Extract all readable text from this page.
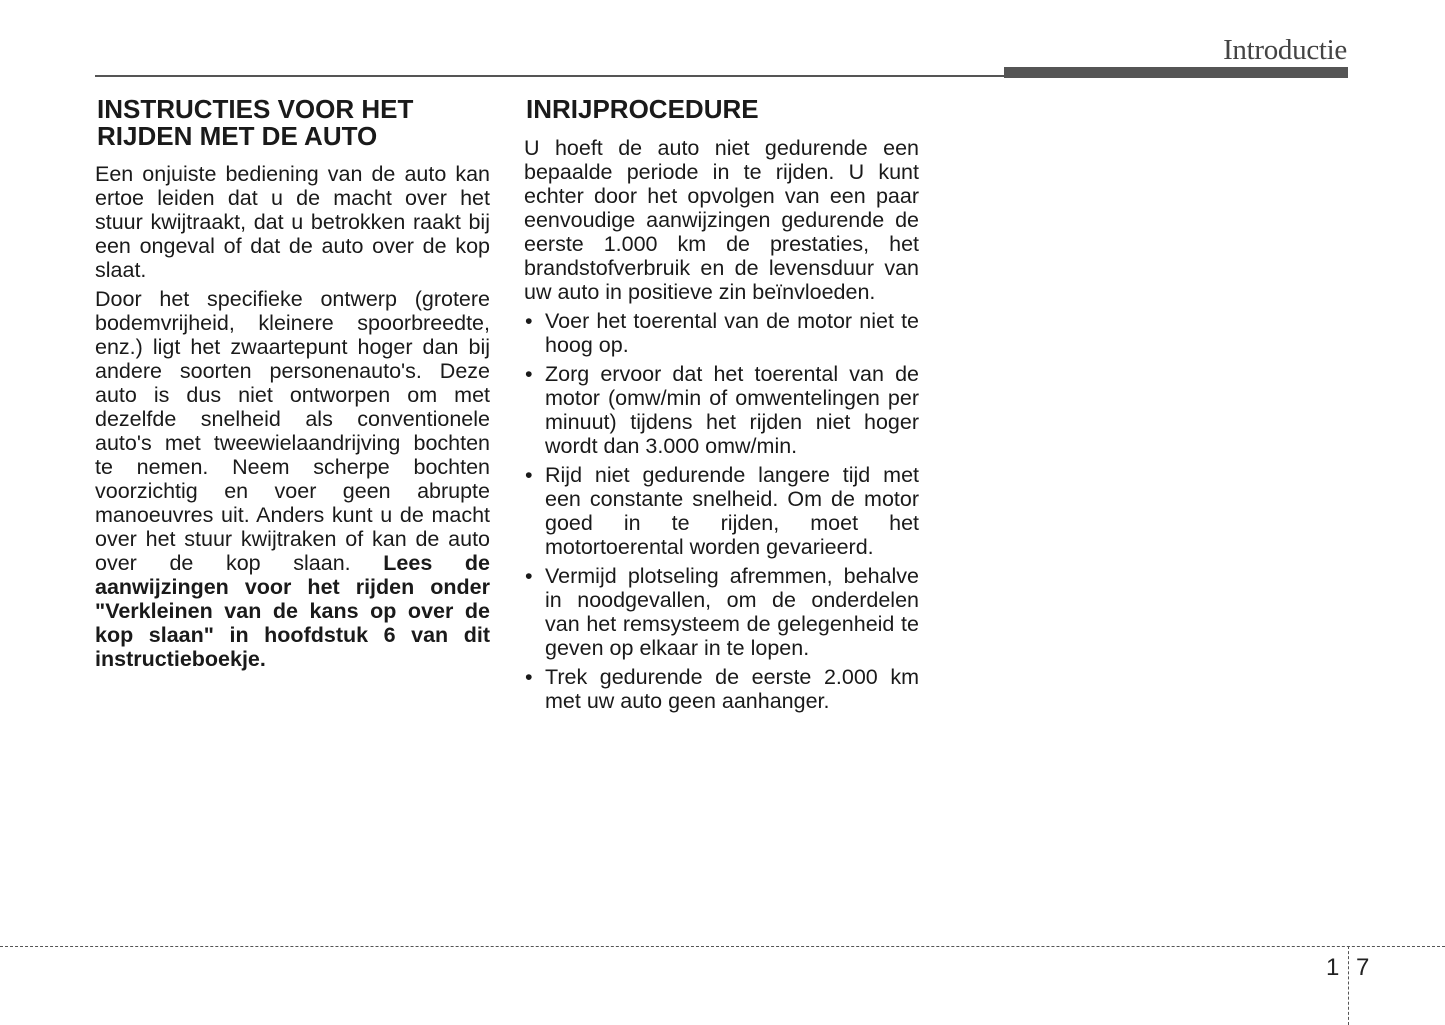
Introductie
INSTRUCTIES VOOR HET RIJDEN MET DE AUTO

Een onjuiste bediening van de auto kan ertoe leiden dat u de macht over het stuur kwijtraakt, dat u betrokken raakt bij een ongeval of dat de auto over de kop slaat.

Door het specifieke ontwerp (grotere bodemvrijheid, kleinere spoorbreedte, enz.) ligt het zwaartepunt hoger dan bij andere soorten personenauto's. Deze auto is dus niet ontworpen om met dezelfde snelheid als conventionele auto's met tweewielaandrijving bochten te nemen. Neem scherpe bochten voorzichtig en voer geen abrupte manoeuvres uit. Anders kunt u de macht over het stuur kwijtraken of kan de auto over de kop slaan. Lees de aanwijzingen voor het rijden onder "Verkleinen van de kans op over de kop slaan" in hoofdstuk 6 van dit instructieboekje.

INRIJPROCEDURE

U hoeft de auto niet gedurende een bepaalde periode in te rijden. U kunt echter door het opvolgen van een paar eenvoudige aanwijzingen gedurende de eerste 1.000 km de prestaties, het brandstofverbruik en de levensduur van uw auto in positieve zin beïnvloeden.

• Voer het toerental van de motor niet te hoog op.
• Zorg ervoor dat het toerental van de motor (omw/min of omwentelingen per minuut) tijdens het rijden niet hoger wordt dan 3.000 omw/min.
• Rijd niet gedurende langere tijd met een constante snelheid. Om de motor goed in te rijden, moet het motortoerental worden gevarieerd.
• Vermijd plotseling afremmen, behalve in noodgevallen, om de onderdelen van het remsysteem de gelegenheid te geven op elkaar in te lopen.
• Trek gedurende de eerste 2.000 km met uw auto geen aanhanger.
1 7
